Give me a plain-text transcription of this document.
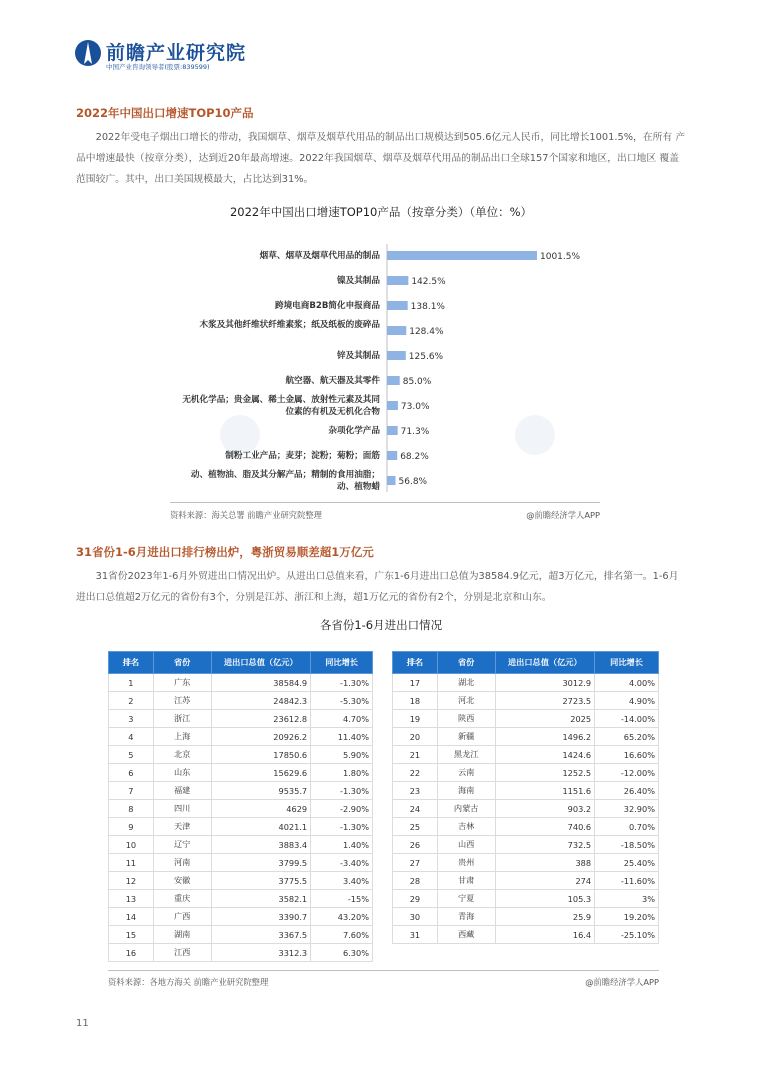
前瞻产业研究院
中国产业咨询领导者(股票:839599)
2022年中国出口增速TOP10产品
2022年受电子烟出口增长的带动，我国烟草、烟草及烟草代用品的制品出口规模达到505.6亿元人民币，同比增长1001.5%，在所有 产品中增速最快（按章分类），达到近20年最高增速。2022年我国烟草、烟草及烟草代用品的制品出口全球157个国家和地区，出口地区 覆盖范围较广。其中，出口美国规模最大，占比达到31%。
2022年中国出口增速TOP10产品（按章分类）（单位：%）
烟草、烟草及烟草代用品的制品
镍及其制品
跨境电商B2B简化申报商品
木浆及其他纤维状纤维素浆；纸及纸板的废碎品
锌及其制品
航空器、航天器及其零件
无机化学品；贵金属、稀土金属、放射性元素及其同位素的有机及无机化合物
杂项化学产品
制粉工业产品；麦芽；淀粉；菊粉；面筋
动、植物油、脂及其分解产品；精制的食用油脂；动、植物蜡
1001.5%
142.5%
138.1%
128.4%
125.6%
85.0%
73.0%
71.3%
68.2%
56.8%
资料来源：海关总署 前瞻产业研究院整理	@前瞻经济学人APP
31省份1-6月进出口排行榜出炉，粤浙贸易顺差超1万亿元
31省份2023年1-6月外贸进出口情况出炉。从进出口总值来看，广东1-6月进出口总值为38584.9亿元，超3万亿元，排名第一。1-6月进出口总值超2万亿元的省份有3个，分别是江苏、浙江和上海，超1万亿元的省份有2个，分别是北京和山东。
各省份1-6月进出口情况
排名	省份	进出口总值（亿元）	同比增长
1	广东	38584.9	-1.30%
2	江苏	24842.3	-5.30%
3	浙江	23612.8	4.70%
4	上海	20926.2	11.40%
5	北京	17850.6	5.90%
6	山东	15629.6	1.80%
7	福建	9535.7	-1.30%
8	四川	4629	-2.90%
9	天津	4021.1	-1.30%
10	辽宁	3883.4	1.40%
11	河南	3799.5	-3.40%
12	安徽	3775.5	3.40%
13	重庆	3582.1	-15%
14	广西	3390.7	43.20%
15	湖南	3367.5	7.60%
16	江西	3312.3	6.30%
排名	省份	进出口总值（亿元）	同比增长
17	湖北	3012.9	4.00%
18	河北	2723.5	4.90%
19	陕西	2025	-14.00%
20	新疆	1496.2	65.20%
21	黑龙江	1424.6	16.60%
22	云南	1252.5	-12.00%
23	海南	1151.6	26.40%
24	内蒙古	903.2	32.90%
25	吉林	740.6	0.70%
26	山西	732.5	-18.50%
27	贵州	388	25.40%
28	甘肃	274	-11.60%
29	宁夏	105.3	3%
30	青海	25.9	19.20%
31	西藏	16.4	-25.10%
资料来源：各地方海关 前瞻产业研究院整理	@前瞻经济学人APP
11
